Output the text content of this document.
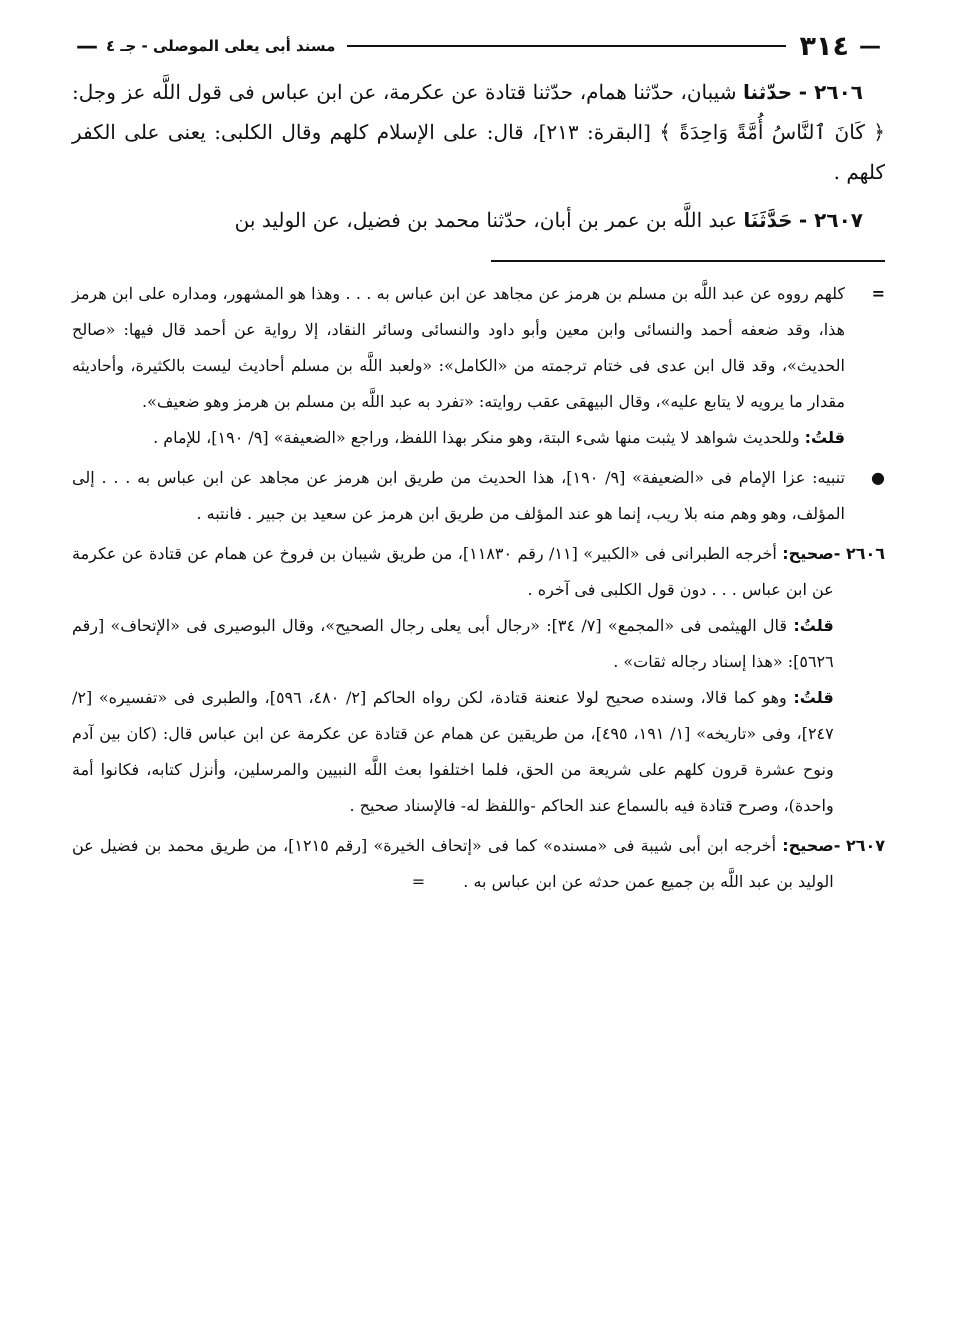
—
٣١٤
مسند أبى يعلى الموصلى - جـ ٤
—

٢٦٠٦ - حدّثنا شيبان، حدّثنا همام، حدّثنا قتادة عن عكرمة، عن ابن عباس فى قول اللَّه عز وجل: ﴿ كَانَ ٱلنَّاسُ أُمَّةً وَاحِدَةً ﴾ [البقرة: ٢١٣]، قال: على الإسلام كلهم وقال الكلبى: يعنى على الكفر كلهم .

٢٦٠٧ - حَدَّثَنَا عبد اللَّه بن عمر بن أبان، حدّثنا محمد بن فضيل، عن الوليد بن

=
كلهم رووه عن عبد اللَّه بن مسلم بن هرمز عن مجاهد عن ابن عباس به . . . وهذا هو المشهور، ومداره على ابن هرمز هذا، وقد ضعفه أحمد والنسائى وابن معين وأبو داود والنسائى وسائر النقاد، إلا رواية عن أحمد قال فيها: «صالح الحديث»، وقد قال ابن عدى فى ختام ترجمته من «الكامل»: «ولعبد اللَّه بن مسلم أحاديث ليست بالكثيرة، وأحاديثه مقدار ما يرويه لا يتابع عليه»، وقال البيهقى عقب روايته: «تفرد به عبد اللَّه بن مسلم بن هرمز وهو ضعيف».
قلتُ: وللحديث شواهد لا يثبت منها شىء البتة، وهو منكر بهذا اللفظ، وراجع «الضعيفة» [٩/ ١٩٠]، للإمام .
●
تنبيه: عزا الإمام فى «الضعيفة» [٩/ ١٩٠]، هذا الحديث من طريق ابن هرمز عن مجاهد عن ابن عباس به . . . إلى المؤلف، وهو وهم منه بلا ريب، إنما هو عند المؤلف من طريق ابن هرمز عن سعيد بن جبير . فانتبه .
٢٦٠٦ -
صحيح: أخرجه الطبرانى فى «الكبير» [١١/ رقم ١١٨٣٠]، من طريق شيبان بن فروخ عن همام عن قتادة عن عكرمة عن ابن عباس . . . دون قول الكلبى فى آخره .
قلتُ: قال الهيثمى فى «المجمع» [٧/ ٣٤]: «رجال أبى يعلى رجال الصحيح»، وقال البوصيرى فى «الإتحاف» [رقم ٥٦٢٦]: «هذا إسناد رجاله ثقات» .
قلتُ: وهو كما قالا، وسنده صحيح لولا عنعنة قتادة، لكن رواه الحاكم [٢/ ٤٨٠، ٥٩٦]، والطبرى فى «تفسيره» [٢/ ٢٤٧]، وفى «تاريخه» [١/ ١٩١، ٤٩٥]، من طريقين عن همام عن قتادة عن عكرمة عن ابن عباس قال: (كان بين آدم ونوح عشرة قرون كلهم على شريعة من الحق، فلما اختلفوا بعث اللَّه النبيين والمرسلين، وأنزل كتابه، فكانوا أمة واحدة)، وصرح قتادة فيه بالسماع عند الحاكم -واللفظ له- فالإسناد صحيح .
٢٦٠٧ -
صحيح: أخرجه ابن أبى شيبة فى «مسنده» كما فى «إتحاف الخيرة» [رقم ١٢١٥]، من طريق محمد بن فضيل عن الوليد بن عبد اللَّه بن جميع عمن حدثه عن ابن عباس به .  =
